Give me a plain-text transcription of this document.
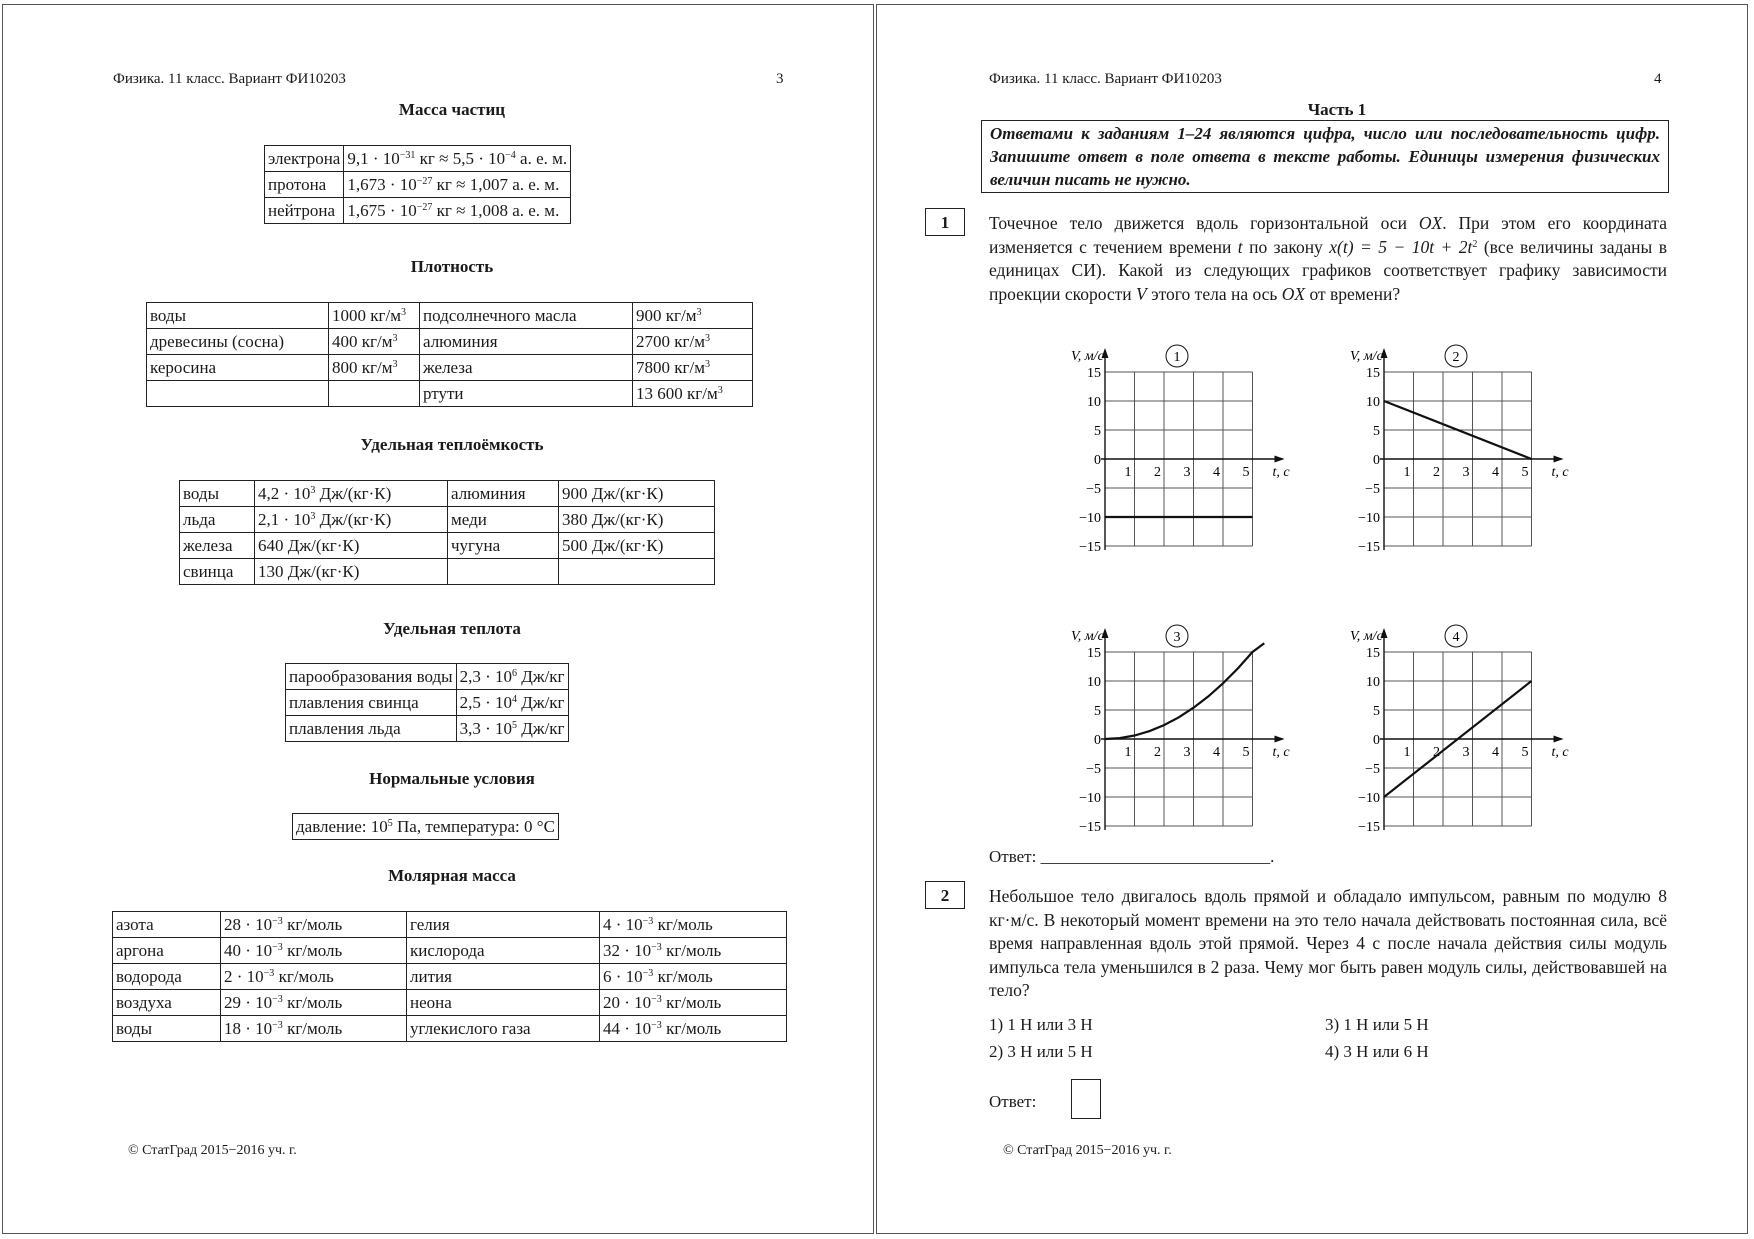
Физика. 11 класс. Вариант ФИ10203	3
Масса частиц
электрона	$9,1 \cdot 10^{-31}$ кг ≈ $5,5 \cdot 10^{-4}$ а. е. м.
протона	$1,673 \cdot 10^{-27}$ кг ≈ 1,007 а. е. м.
нейтрона	$1,675 \cdot 10^{-27}$ кг ≈ 1,008 а. е. м.
Плотность
воды	1000 $кг/м^3$	подсолнечного масла	900 $кг/м^3$
древесины (сосна)	400 $кг/м^3$	алюминия	2700 $кг/м^3$
керосина	800 $кг/м^3$	железа	7800 $кг/м^3$
		ртути	13 600 $кг/м^3$
Удельная теплоёмкость
воды	$4,2 \cdot 10^3$ Дж/(кг·К)	алюминия	900 Дж/(кг·К)
льда	$2,1 \cdot 10^3$ Дж/(кг·К)	меди	380 Дж/(кг·К)
железа	640 Дж/(кг·К)	чугуна	500 Дж/(кг·К)
свинца	130 Дж/(кг·К)		
Удельная теплота
парообразования воды	$2,3 \cdot 10^6$ Дж/кг
плавления свинца	$2,5 \cdot 10^4$ Дж/кг
плавления льда	$3,3 \cdot 10^5$ Дж/кг
Нормальные условия
давление: $10^5$ Па, температура: 0 °С
Молярная масса
азота	$28 \cdot 10^{-3}$ кг/моль	гелия	$4 \cdot 10^{-3}$ кг/моль
аргона	$40 \cdot 10^{-3}$ кг/моль	кислорода	$32 \cdot 10^{-3}$ кг/моль
водорода	$2 \cdot 10^{-3}$ кг/моль	лития	$6 \cdot 10^{-3}$ кг/моль
воздуха	$29 \cdot 10^{-3}$ кг/моль	неона	$20 \cdot 10^{-3}$ кг/моль
воды	$18 \cdot 10^{-3}$ кг/моль	углекислого газа	$44 \cdot 10^{-3}$ кг/моль
© СтатГрад 2015−2016 уч. г.
Физика. 11 класс. Вариант ФИ10203	4
Часть 1
Ответами к заданиям 1–24 являются цифра, число или последовательность цифр. Запишите ответ в поле ответа в тексте работы. Единицы измерения физических величин писать не нужно.
1	Точечное тело движется вдоль горизонтальной оси OX. При этом его координата изменяется с течением времени t по закону $x(t) = 5 - 10t + 2t^2$ (все величины заданы в единицах СИ). Какой из следующих графиков соответствует графику зависимости проекции скорости V этого тела на ось OX от времени?
15
10
5
0
−5
−10
−15
1 2 3 4 5
V, м/с
t, с
1
15
10
5
0
−5
−10
−15
1 2 3 4 5
V, м/с
t, с
2
15
10
5
0
−5
−10
−15
1 2 3 4 5
V, м/с
t, с
3
15
10
5
0
−5
−10
−15
1 2 3 4 5
V, м/с
t, с
4
Ответ: ___________________________.
2	Небольшое тело двигалось вдоль прямой и обладало импульсом, равным по модулю 8 кг·м/с. В некоторый момент времени на это тело начала действовать постоянная сила, всё время направленная вдоль этой прямой. Через 4 с после начала действия силы модуль импульса тела уменьшился в 2 раза. Чему мог быть равен модуль силы, действовавшей на тело?
1) 1 Н или 3 Н
2) 3 Н или 5 Н
3) 1 Н или 5 Н
4) 3 Н или 6 Н
Ответ:
© СтатГрад 2015−2016 уч. г.
